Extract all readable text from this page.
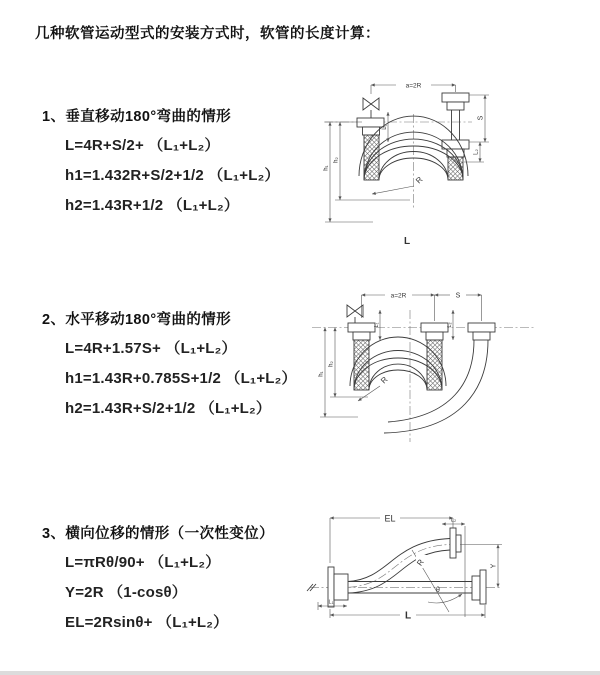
几种软管运动型式的安装方式时，软管的长度计算：
1、垂直移动180°弯曲的情形
L=4R+S/2+ （L₁+L₂）
h1=1.432R+S/2+1/2 （L₁+L₂）
h2=1.43R+1/2 （L₁+L₂）
2、水平移动180°弯曲的情形
L=4R+1.57S+ （L₁+L₂）
h1=1.43R+0.785S+1/2 （L₁+L₂）
h2=1.43R+S/2+1/2 （L₁+L₂）
3、横向位移的情形（一次性变位）
L=πRθ/90+ （L₁+L₂）
Y=2R （1-cosθ）
EL=2Rsinθ+ （L₁+L₂）
a=2R
L₁
S
L₂
h₁
h₂
R
L
a=2R	S
L₁	L₂
h₁
h₂
R
EL	L₂
Y
R
θ
L
L₁
